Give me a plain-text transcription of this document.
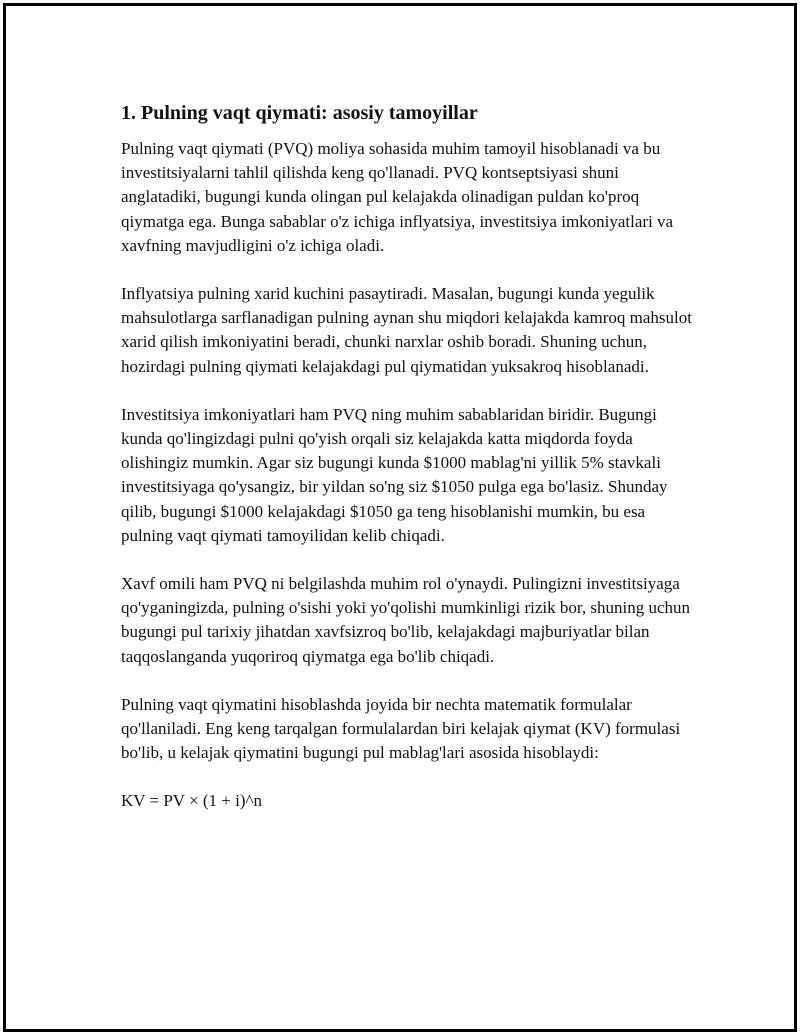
1. Pulning vaqt qiymati: asosiy tamoyillar

Pulning vaqt qiymati (PVQ) moliya sohasida muhim tamoyil hisoblanadi va bu investitsiyalarni tahlil qilishda keng qo'llanadi. PVQ kontseptsiyasi shuni anglatadiki, bugungi kunda olingan pul kelajakda olinadigan puldan ko'proq qiymatga ega. Bunga sabablar o'z ichiga inflyatsiya, investitsiya imkoniyatlari va xavfning mavjudligini o'z ichiga oladi.

Inflyatsiya pulning xarid kuchini pasaytiradi. Masalan, bugungi kunda yegulik mahsulotlarga sarflanadigan pulning aynan shu miqdori kelajakda kamroq mahsulot xarid qilish imkoniyatini beradi, chunki narxlar oshib boradi. Shuning uchun, hozirdagi pulning qiymati kelajakdagi pul qiymatidan yuksakroq hisoblanadi.

Investitsiya imkoniyatlari ham PVQ ning muhim sabablaridan biridir. Bugungi kunda qo'lingizdagi pulni qo'yish orqali siz kelajakda katta miqdorda foyda olishingiz mumkin. Agar siz bugungi kunda $1000 mablag'ni yillik 5% stavkali investitsiyaga qo'ysangiz, bir yildan so'ng siz $1050 pulga ega bo'lasiz. Shunday qilib, bugungi $1000 kelajakdagi $1050 ga teng hisoblanishi mumkin, bu esa pulning vaqt qiymati tamoyilidan kelib chiqadi.

Xavf omili ham PVQ ni belgilashda muhim rol o'ynaydi. Pulingizni investitsiyaga qo'yganingizda, pulning o'sishi yoki yo'qolishi mumkinligi rizik bor, shuning uchun bugungi pul tarixiy jihatdan xavfsizroq bo'lib, kelajakdagi majburiyatlar bilan taqqoslanganda yuqoriroq qiymatga ega bo'lib chiqadi.

Pulning vaqt qiymatini hisoblashda joyida bir nechta matematik formulalar qo'llaniladi. Eng keng tarqalgan formulalardan biri kelajak qiymat (KV) formulasi bo'lib, u kelajak qiymatini bugungi pul mablag'lari asosida hisoblaydi:

KV = PV × (1 + i)^n
